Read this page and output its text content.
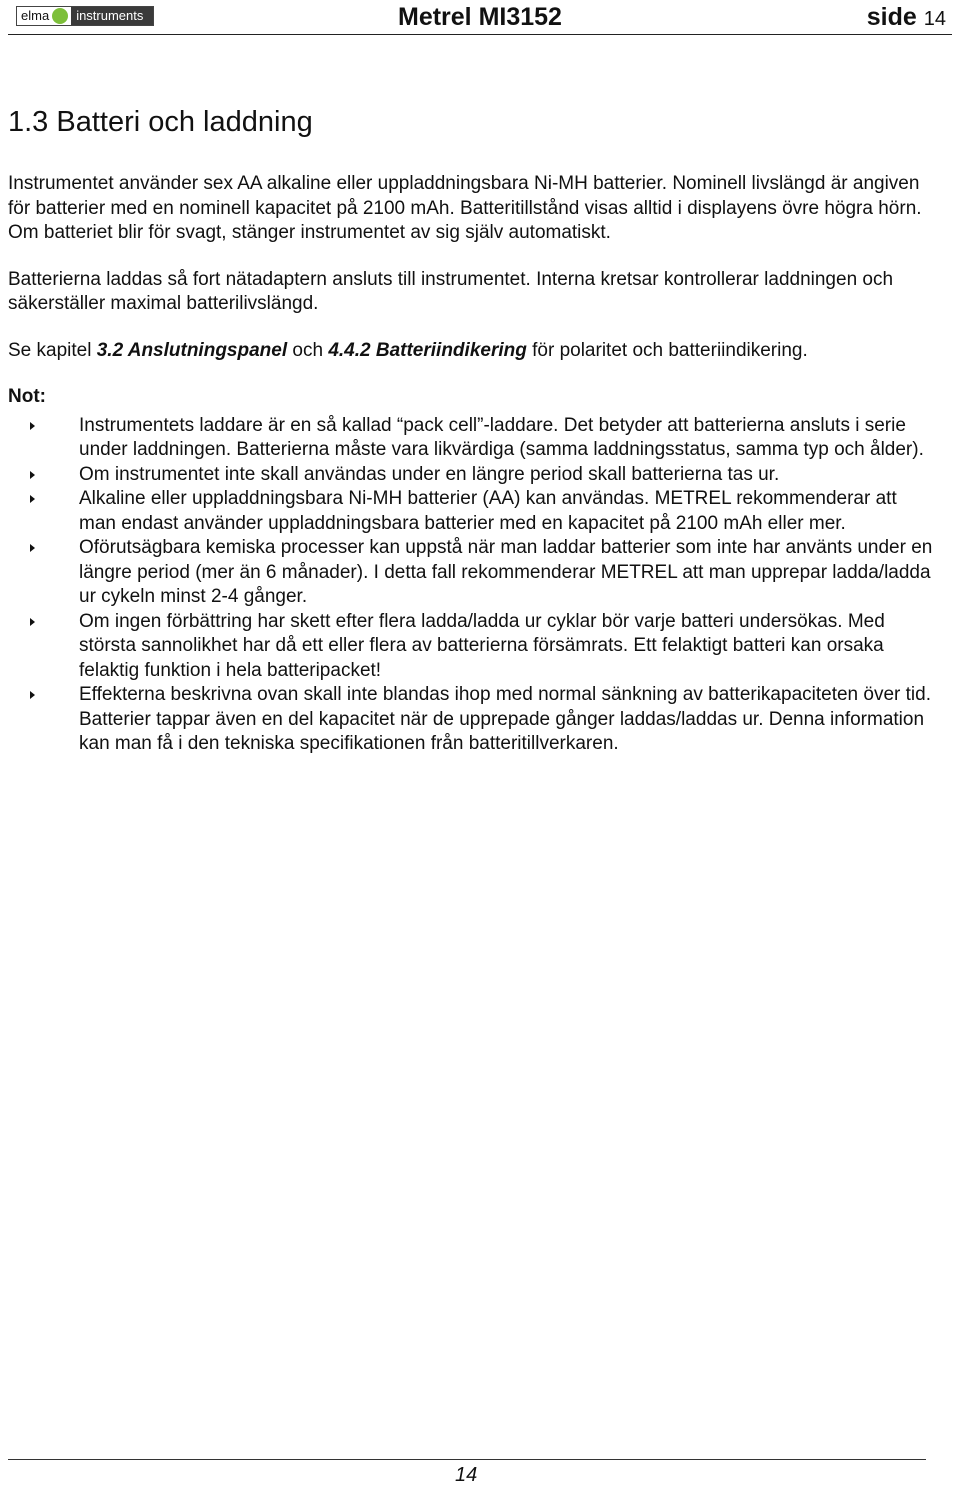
elma	instruments	Metrel MI3152	side 14
1.3 Batteri och laddning

Instrumentet använder sex AA alkaline eller uppladdningsbara Ni-MH batterier. Nominell livslängd är angiven för batterier med en nominell kapacitet på 2100 mAh. Batteritillstånd visas alltid i displayens övre högra hörn. Om batteriet blir för svagt, stänger instrumentet av sig själv automatiskt.

Batterierna laddas så fort nätadaptern ansluts till instrumentet. Interna kretsar kontrollerar laddningen och säkerställer maximal batterilivslängd.

Se kapitel 3.2 Anslutningspanel och 4.4.2 Batteriindikering för polaritet och batteriindikering.

Not:
Instrumentets laddare är en så kallad “pack cell”-laddare. Det betyder att batterierna ansluts i serie under laddningen. Batterierna måste vara likvärdiga (samma laddningsstatus, samma typ och ålder).
Om instrumentet inte skall användas under en längre period skall batterierna tas ur.
Alkaline eller uppladdningsbara Ni-MH batterier (AA) kan användas. METREL rekommenderar att man endast använder uppladdningsbara batterier med en kapacitet på 2100 mAh eller mer.
Oförutsägbara kemiska processer kan uppstå när man laddar batterier som inte har använts under en längre period (mer än 6 månader). I detta fall rekommenderar METREL att man upprepar ladda/ladda ur cykeln minst 2-4 gånger.
Om ingen förbättring har skett efter flera ladda/ladda ur cyklar bör varje batteri undersökas. Med största sannolikhet har då ett eller flera av batterierna försämrats. Ett felaktigt batteri kan orsaka felaktig funktion i hela batteripacket!
Effekterna beskrivna ovan skall inte blandas ihop med normal sänkning av batterikapaciteten över tid. Batterier tappar även en del kapacitet när de upprepade gånger laddas/laddas ur. Denna information kan man få i den tekniska specifikationen från batteritillverkaren.
14
